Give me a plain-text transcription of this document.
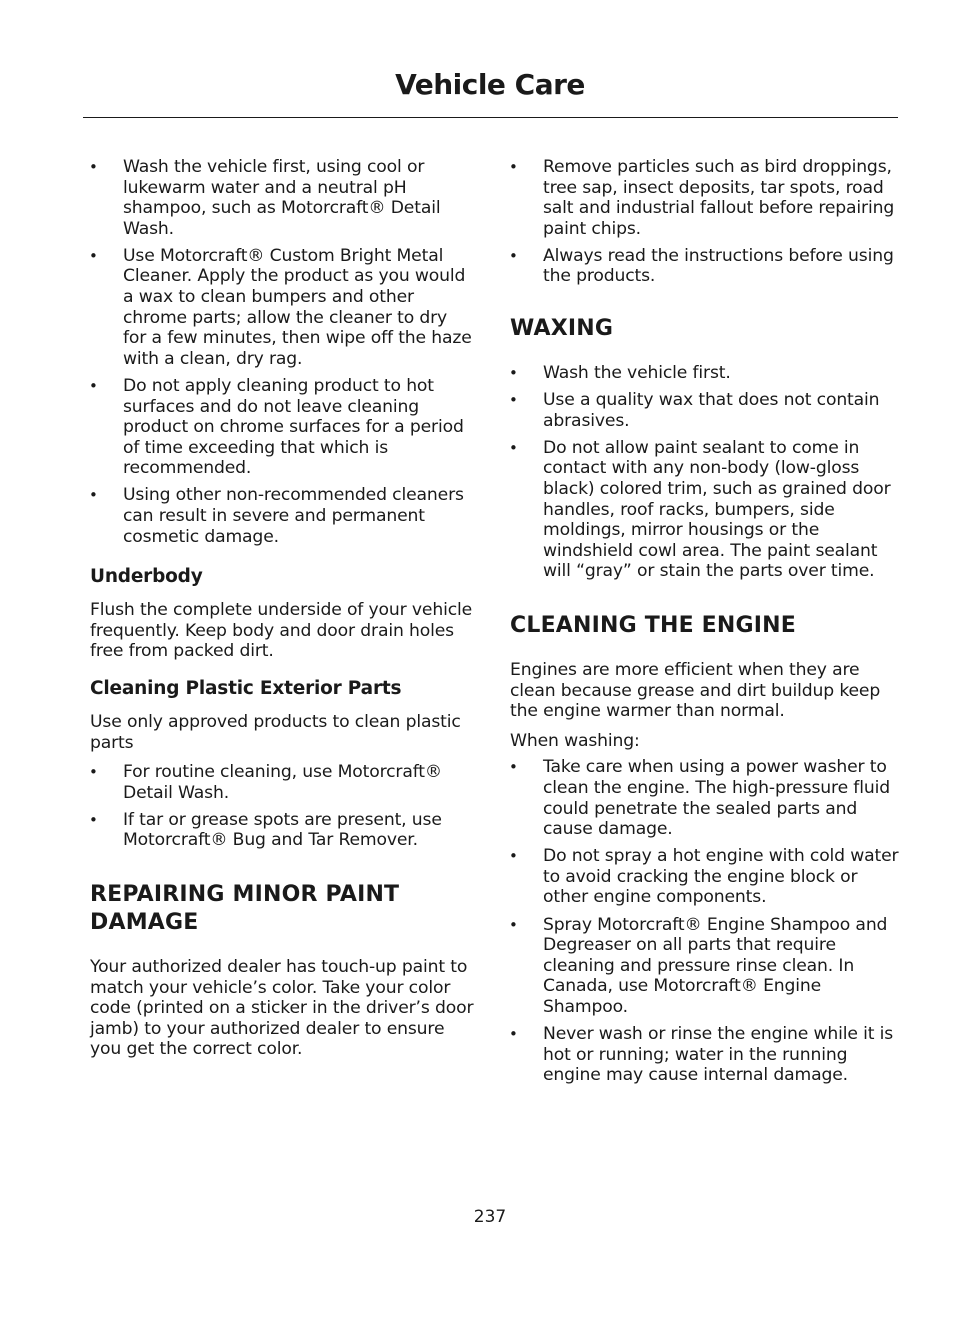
Vehicle Care
• Wash the vehicle first, using cool or lukewarm water and a neutral pH shampoo, such as Motorcraft® Detail Wash.
• Use Motorcraft® Custom Bright Metal Cleaner. Apply the product as you would a wax to clean bumpers and other chrome parts; allow the cleaner to dry for a few minutes, then wipe off the haze with a clean, dry rag.
• Do not apply cleaning product to hot surfaces and do not leave cleaning product on chrome surfaces for a period of time exceeding that which is recommended.
• Using other non-recommended cleaners can result in severe and permanent cosmetic damage.
Underbody

Flush the complete underside of your vehicle frequently. Keep body and door drain holes free from packed dirt.

Cleaning Plastic Exterior Parts

Use only approved products to clean plastic parts

• For routine cleaning, use Motorcraft® Detail Wash.
• If tar or grease spots are present, use Motorcraft® Bug and Tar Remover.
REPAIRING MINOR PAINT DAMAGE

Your authorized dealer has touch-up paint to match your vehicle’s color. Take your color code (printed on a sticker in the driver’s door jamb) to your authorized dealer to ensure you get the correct color.

• Remove particles such as bird droppings, tree sap, insect deposits, tar spots, road salt and industrial fallout before repairing paint chips.
• Always read the instructions before using the products.
WAXING
• Wash the vehicle first.
• Use a quality wax that does not contain abrasives.
• Do not allow paint sealant to come in contact with any non-body (low-gloss black) colored trim, such as grained door handles, roof racks, bumpers, side moldings, mirror housings or the windshield cowl area. The paint sealant will “gray” or stain the parts over time.
CLEANING THE ENGINE

Engines are more efficient when they are clean because grease and dirt buildup keep the engine warmer than normal.

When washing:

• Take care when using a power washer to clean the engine. The high-pressure fluid could penetrate the sealed parts and cause damage.
• Do not spray a hot engine with cold water to avoid cracking the engine block or other engine components.
• Spray Motorcraft® Engine Shampoo and Degreaser on all parts that require cleaning and pressure rinse clean. In Canada, use Motorcraft® Engine Shampoo.
• Never wash or rinse the engine while it is hot or running; water in the running engine may cause internal damage.
237
